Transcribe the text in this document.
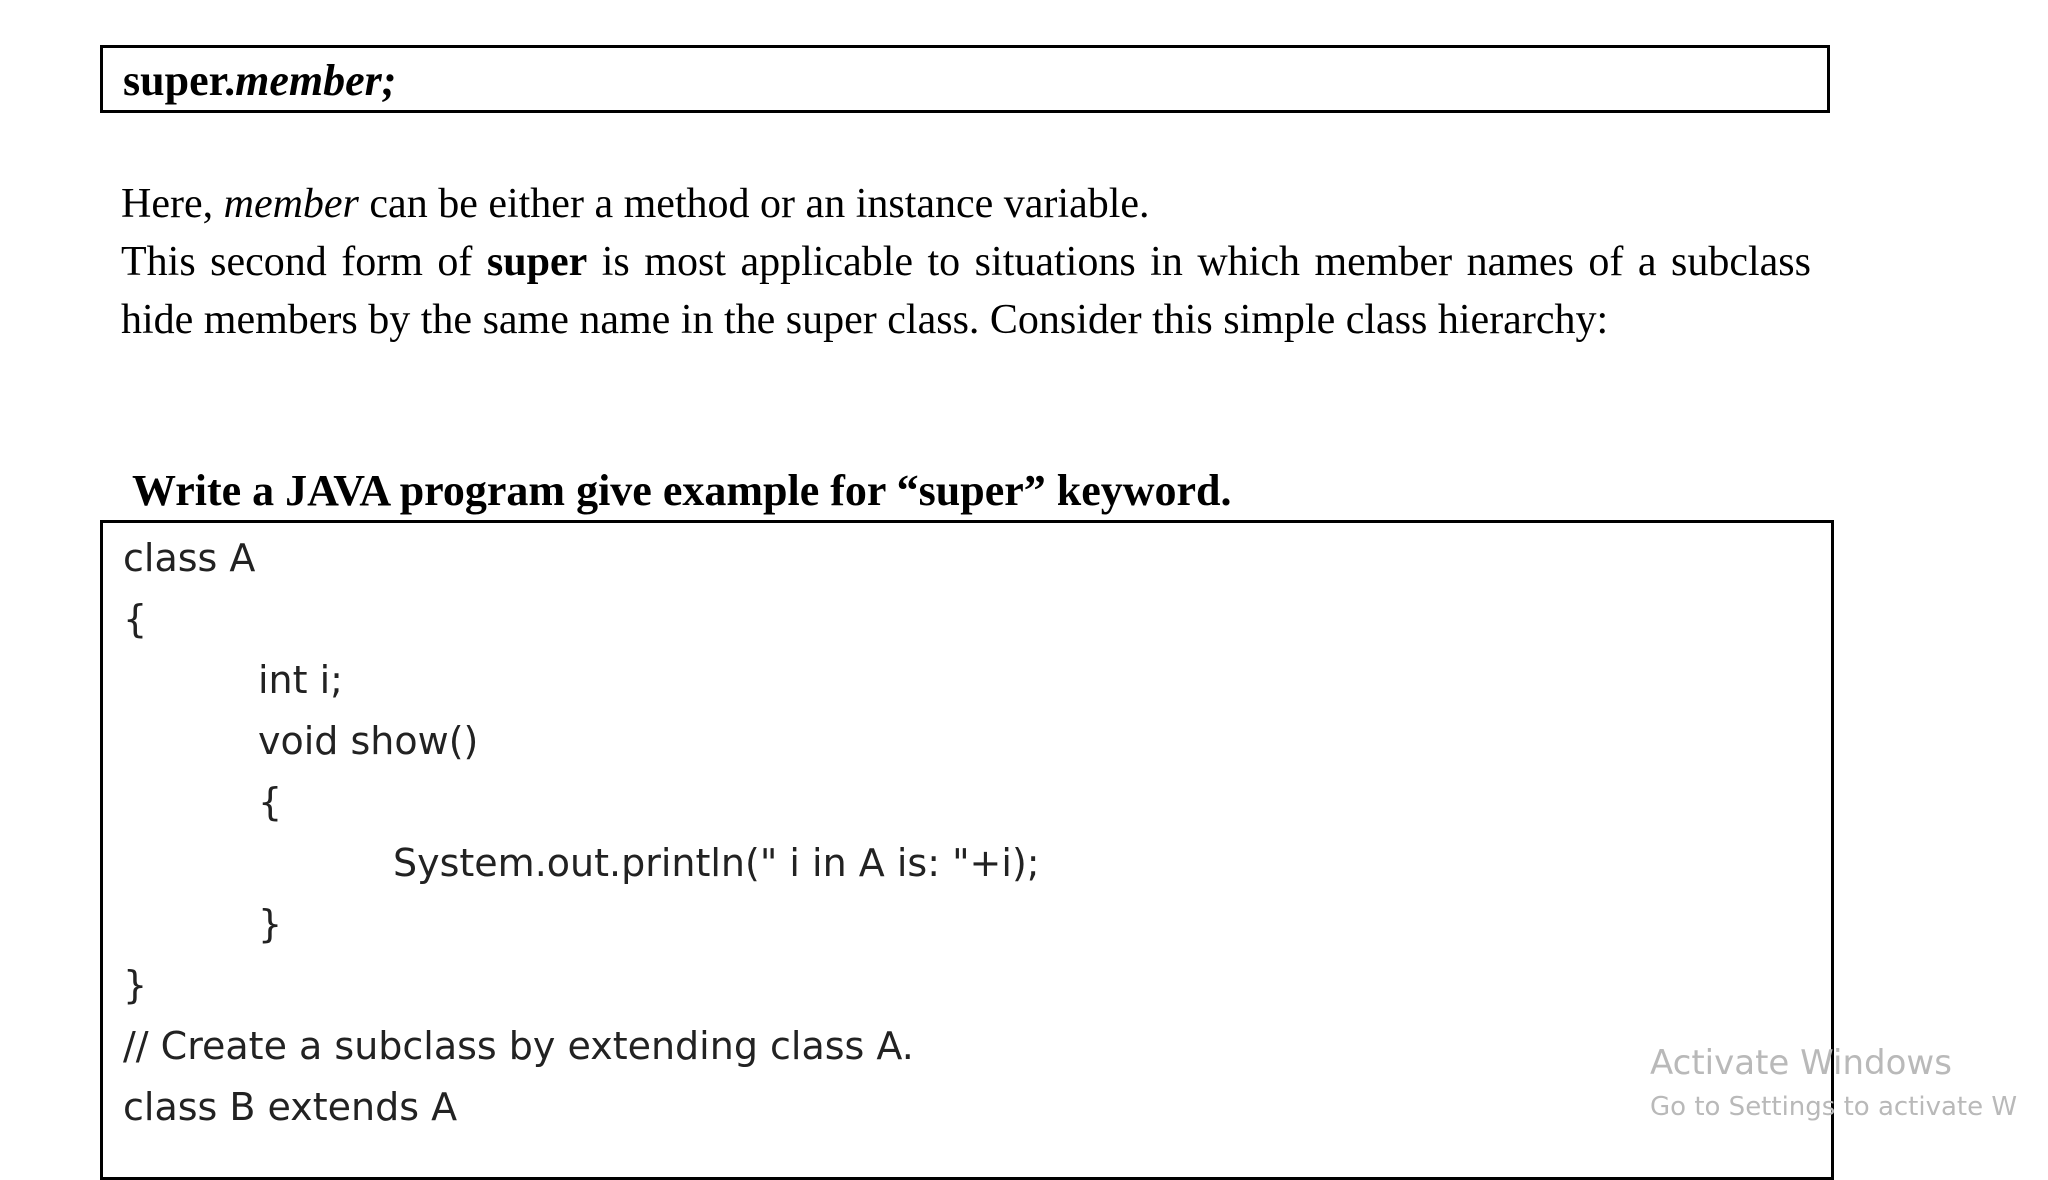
super.member;

Here, member can be either a method or an instance variable.

This second form of super is most applicable to situations in which member names of a subclass hide members by the same name in the super class. Consider this simple class hierarchy:

Write a JAVA program give example for “super” keyword.
class A
{
int i;
void show()
{
System.out.println(" i in A is: "+i);
}
}
// Create a subclass by extending class A.
class B extends A
Activate Windows
Go to Settings to activate W
